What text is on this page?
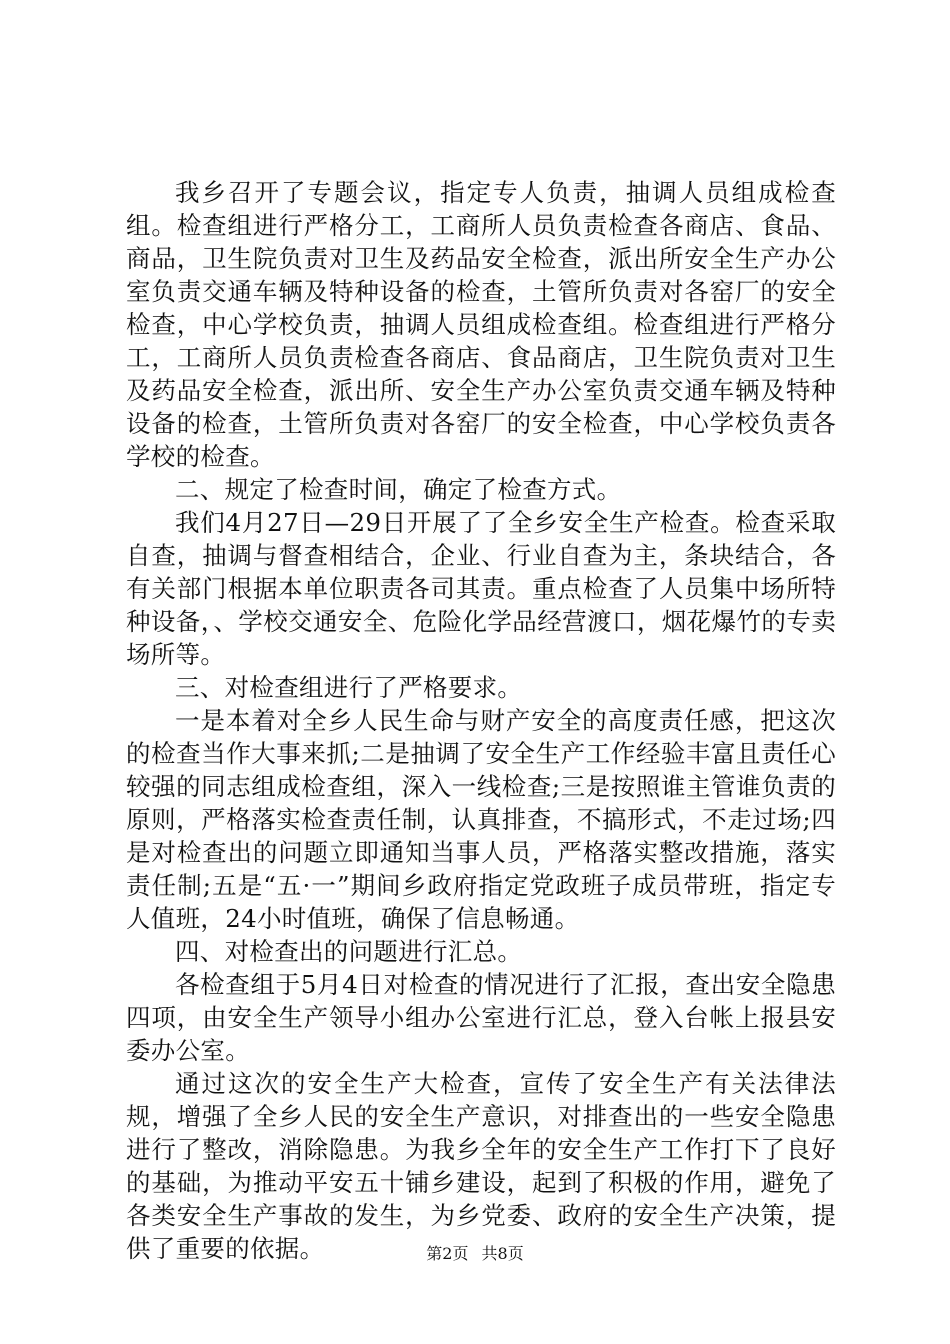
我乡召开了专题会议，指定专人负责，抽调人员组成检查组。检查组进行严格分工，工商所人员负责检查各商店、食品、商品，卫生院负责对卫生及药品安全检查，派出所安全生产办公室负责交通车辆及特种设备的检查，土管所负责对各窑厂的安全检查，中心学校负责，抽调人员组成检查组。检查组进行严格分工，工商所人员负责检查各商店、食品商店，卫生院负责对卫生及药品安全检查，派出所、安全生产办公室负责交通车辆及特种设备的检查，土管所负责对各窑厂的安全检查，中心学校负责各学校的检查。

二、规定了检查时间，确定了检查方式。

我们4月27日—29日开展了了全乡安全生产检查。检查采取自查，抽调与督查相结合，企业、行业自查为主，条块结合，各有关部门根据本单位职责各司其责。重点检查了人员集中场所特种设备，、学校交通安全、危险化学品经营渡口，烟花爆竹的专卖场所等。

三、对检查组进行了严格要求。

一是本着对全乡人民生命与财产安全的高度责任感，把这次的检查当作大事来抓;二是抽调了安全生产工作经验丰富且责任心较强的同志组成检查组，深入一线检查;三是按照谁主管谁负责的原则，严格落实检查责任制，认真排查，不搞形式，不走过场;四是对检查出的问题立即通知当事人员，严格落实整改措施，落实责任制;五是“五·一”期间乡政府指定党政班子成员带班，指定专人值班，24小时值班，确保了信息畅通。

四、对检查出的问题进行汇总。

各检查组于5月4日对检查的情况进行了汇报，查出安全隐患四项，由安全生产领导小组办公室进行汇总，登入台帐上报县安委办公室。

通过这次的安全生产大检查，宣传了安全生产有关法律法规，增强了全乡人民的安全生产意识，对排查出的一些安全隐患进行了整改，消除隐患。为我乡全年的安全生产工作打下了良好的基础，为推动平安五十铺乡建设，起到了积极的作用，避免了各类安全生产事故的发生，为乡党委、政府的安全生产决策，提供了重要的依据。	第2页 共8页
